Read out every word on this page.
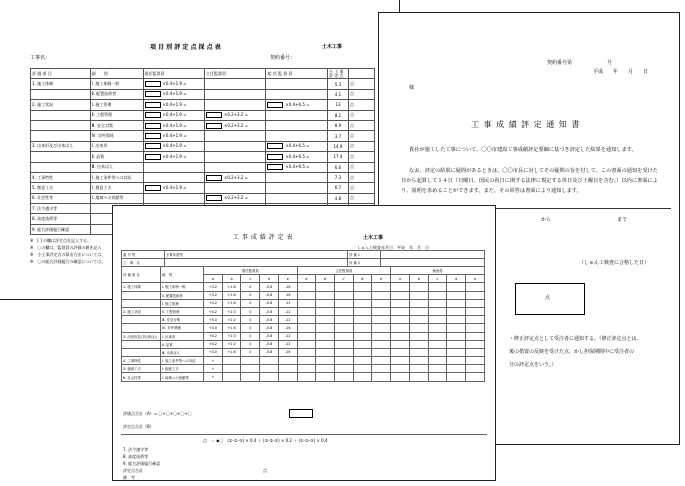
項 目 別 評 定 点 採 点 表	土木工事
工事名：	契約番号：
評 価 項 目	細　　別	現任監督員	主任監督員	総 括 監 督 員	小 工 事 評 定 点	
1. 施工体制	Ⅰ. 施工体制一般	×0.4+1.9 =			5.3	点
	Ⅱ. 配置技術者	×0.4+1.9 =			4.1	点
2. 施工状況	Ⅰ. 施工管理	×0.4+1.9 =		×0.4+6.5 =	13	点
	Ⅱ. 工程管理	×0.4+1.9 =	×0.2+3.2 =		8.1	点
	Ⅲ. 安全対策	×0.4+1.9 =	×0.2+3.2 =		8.9	点
	Ⅳ. 対外関係	×0.4+1.9 =			3.7	点
3. 出来形及び出来ばえ	Ⅰ. 出来形	×0.4+1.9 =		×0.4+6.5 =	14.9	点
	Ⅱ. 品質	×0.4+1.9 =		×0.4+6.5 =	17.4	点
	Ⅲ. 出来ばえ			×0.4+6.5 =	6.6	点
4. 工事特性	Ⅰ. 施工条件等への対応		×0.2+3.2 =		7.3	点
5. 創意工夫	Ⅰ. 創意工夫	×0.4+1.9 =			6.7	点
6. 社会性等	Ⅰ. 地域への貢献等		×0.2+3.2 =		4.8	点
7. 法令遵守等						
8. 高度技術等						
9. 総合評価履行確認						
※　[ ] の欄は評定点を記入する。
※　〇の欄は、監督員の評価の値を記入
※　小工事評定点の算出方法については、
※　〇の総合評価履行の確認については、
契約番号第　　　　　　　号
平成　　年　　月　　日
様
工 事 成 績 評 定 通 知 書
貴社が施工した工事について、〇〇市建設工事成績評定要綱に基づき評定した結果を通知します。
なお、評定の結果に疑問があるときは、〇〇市長に対してその疑問の旨を付して、この書面の通知を受けた日から起算して１４日（日曜日、国民の祝日に関する法律に規定する休日及び土曜日を含む。）以内に書面により、説明を求めることができます。また、その回答は書面により通知します。
から	まで
（しゅん工検査に合格した日）
点
・修正評定点として受注者に通知する。（修正評定点とは、
後の措置の反映を受けた点、かし担保期間中に受注者の
分の評定点をいう。）
工 事 成 績 評 定 表	土木工事
しゅん工検査年月日　平成　年　月　日
番 号 等	予算年度等	評 価 1	
工　事　名		評 価 2	
評 価 項 目	細　別	現任監督員					主任監督員					検査員				
		a	b	c	d	e	a'	b'	c'	d'	e'	a	b	c	d	e
1. 施工体制	Ⅰ. 施工体制一般	+3.2	+1.6	0	-0.8	-16										
	Ⅱ. 配置技術者	+3.2	+1.6	0	-0.8	-16										
	Ⅰ. 施工管理	+4.2	+1.6	0	-0.8	-12										
2. 施工状況	Ⅱ. 工程管理	+4.2	+2.0	0	-0.8	-12										
	Ⅲ. 安全対策	+5.0	+2.0	0	-0.8	-12										
	Ⅳ. 対外関係	+3.0	+1.6	0	-0.8	-16										
3. 出来形及び出来ばえ	Ⅰ. 出来形	+4.2	+2.0	0	-0.8	-12										
	Ⅱ. 品質	+4.2	+2.0	0	-0.8	-12										
	Ⅲ. 出来ばえ	+3.0	+1.6	0	-0.8	-16										
4. 工事特性	Ⅰ. 施工条件等への対応	+														
5. 創意工夫	Ⅰ. 創意工夫	+														
6. 社会性等	Ⅰ. 地域への貢献等	+														
評価点合計（A）= 〇+〇+〇+〇+〇
評定点合計（B）
点　＝ ◆〇　(①-②-③) × 0.4 ＋ (①-②-③) × 0.2 ＋ (①-②-③) × 0.4
7. 法令遵守等
8. 高度技術等
9. 総合評価履行確認
評定点合計	点
備　考
